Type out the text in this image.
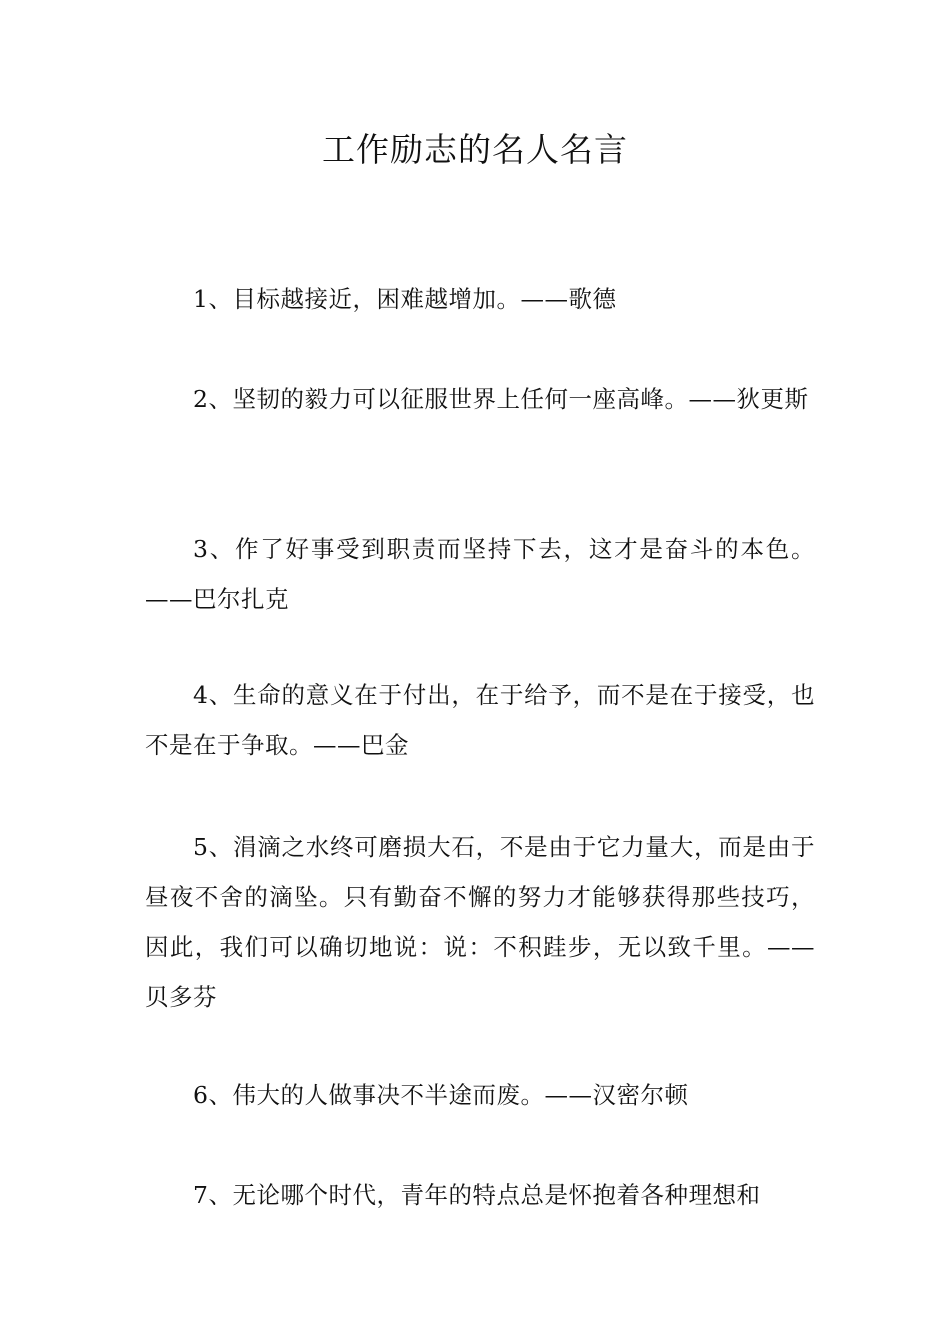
工作励志的名人名言

1、目标越接近，困难越增加。——歌德

2、坚韧的毅力可以征服世界上任何一座高峰。——狄更斯

3、作了好事受到职责而坚持下去，这才是奋斗的本色。——巴尔扎克

4、生命的意义在于付出，在于给予，而不是在于接受，也不是在于争取。——巴金

5、涓滴之水终可磨损大石，不是由于它力量大，而是由于昼夜不舍的滴坠。只有勤奋不懈的努力才能够获得那些技巧，因此，我们可以确切地说：说：不积跬步，无以致千里。——贝多芬

6、伟大的人做事决不半途而废。——汉密尔顿

7、无论哪个时代，青年的特点总是怀抱着各种理想和
